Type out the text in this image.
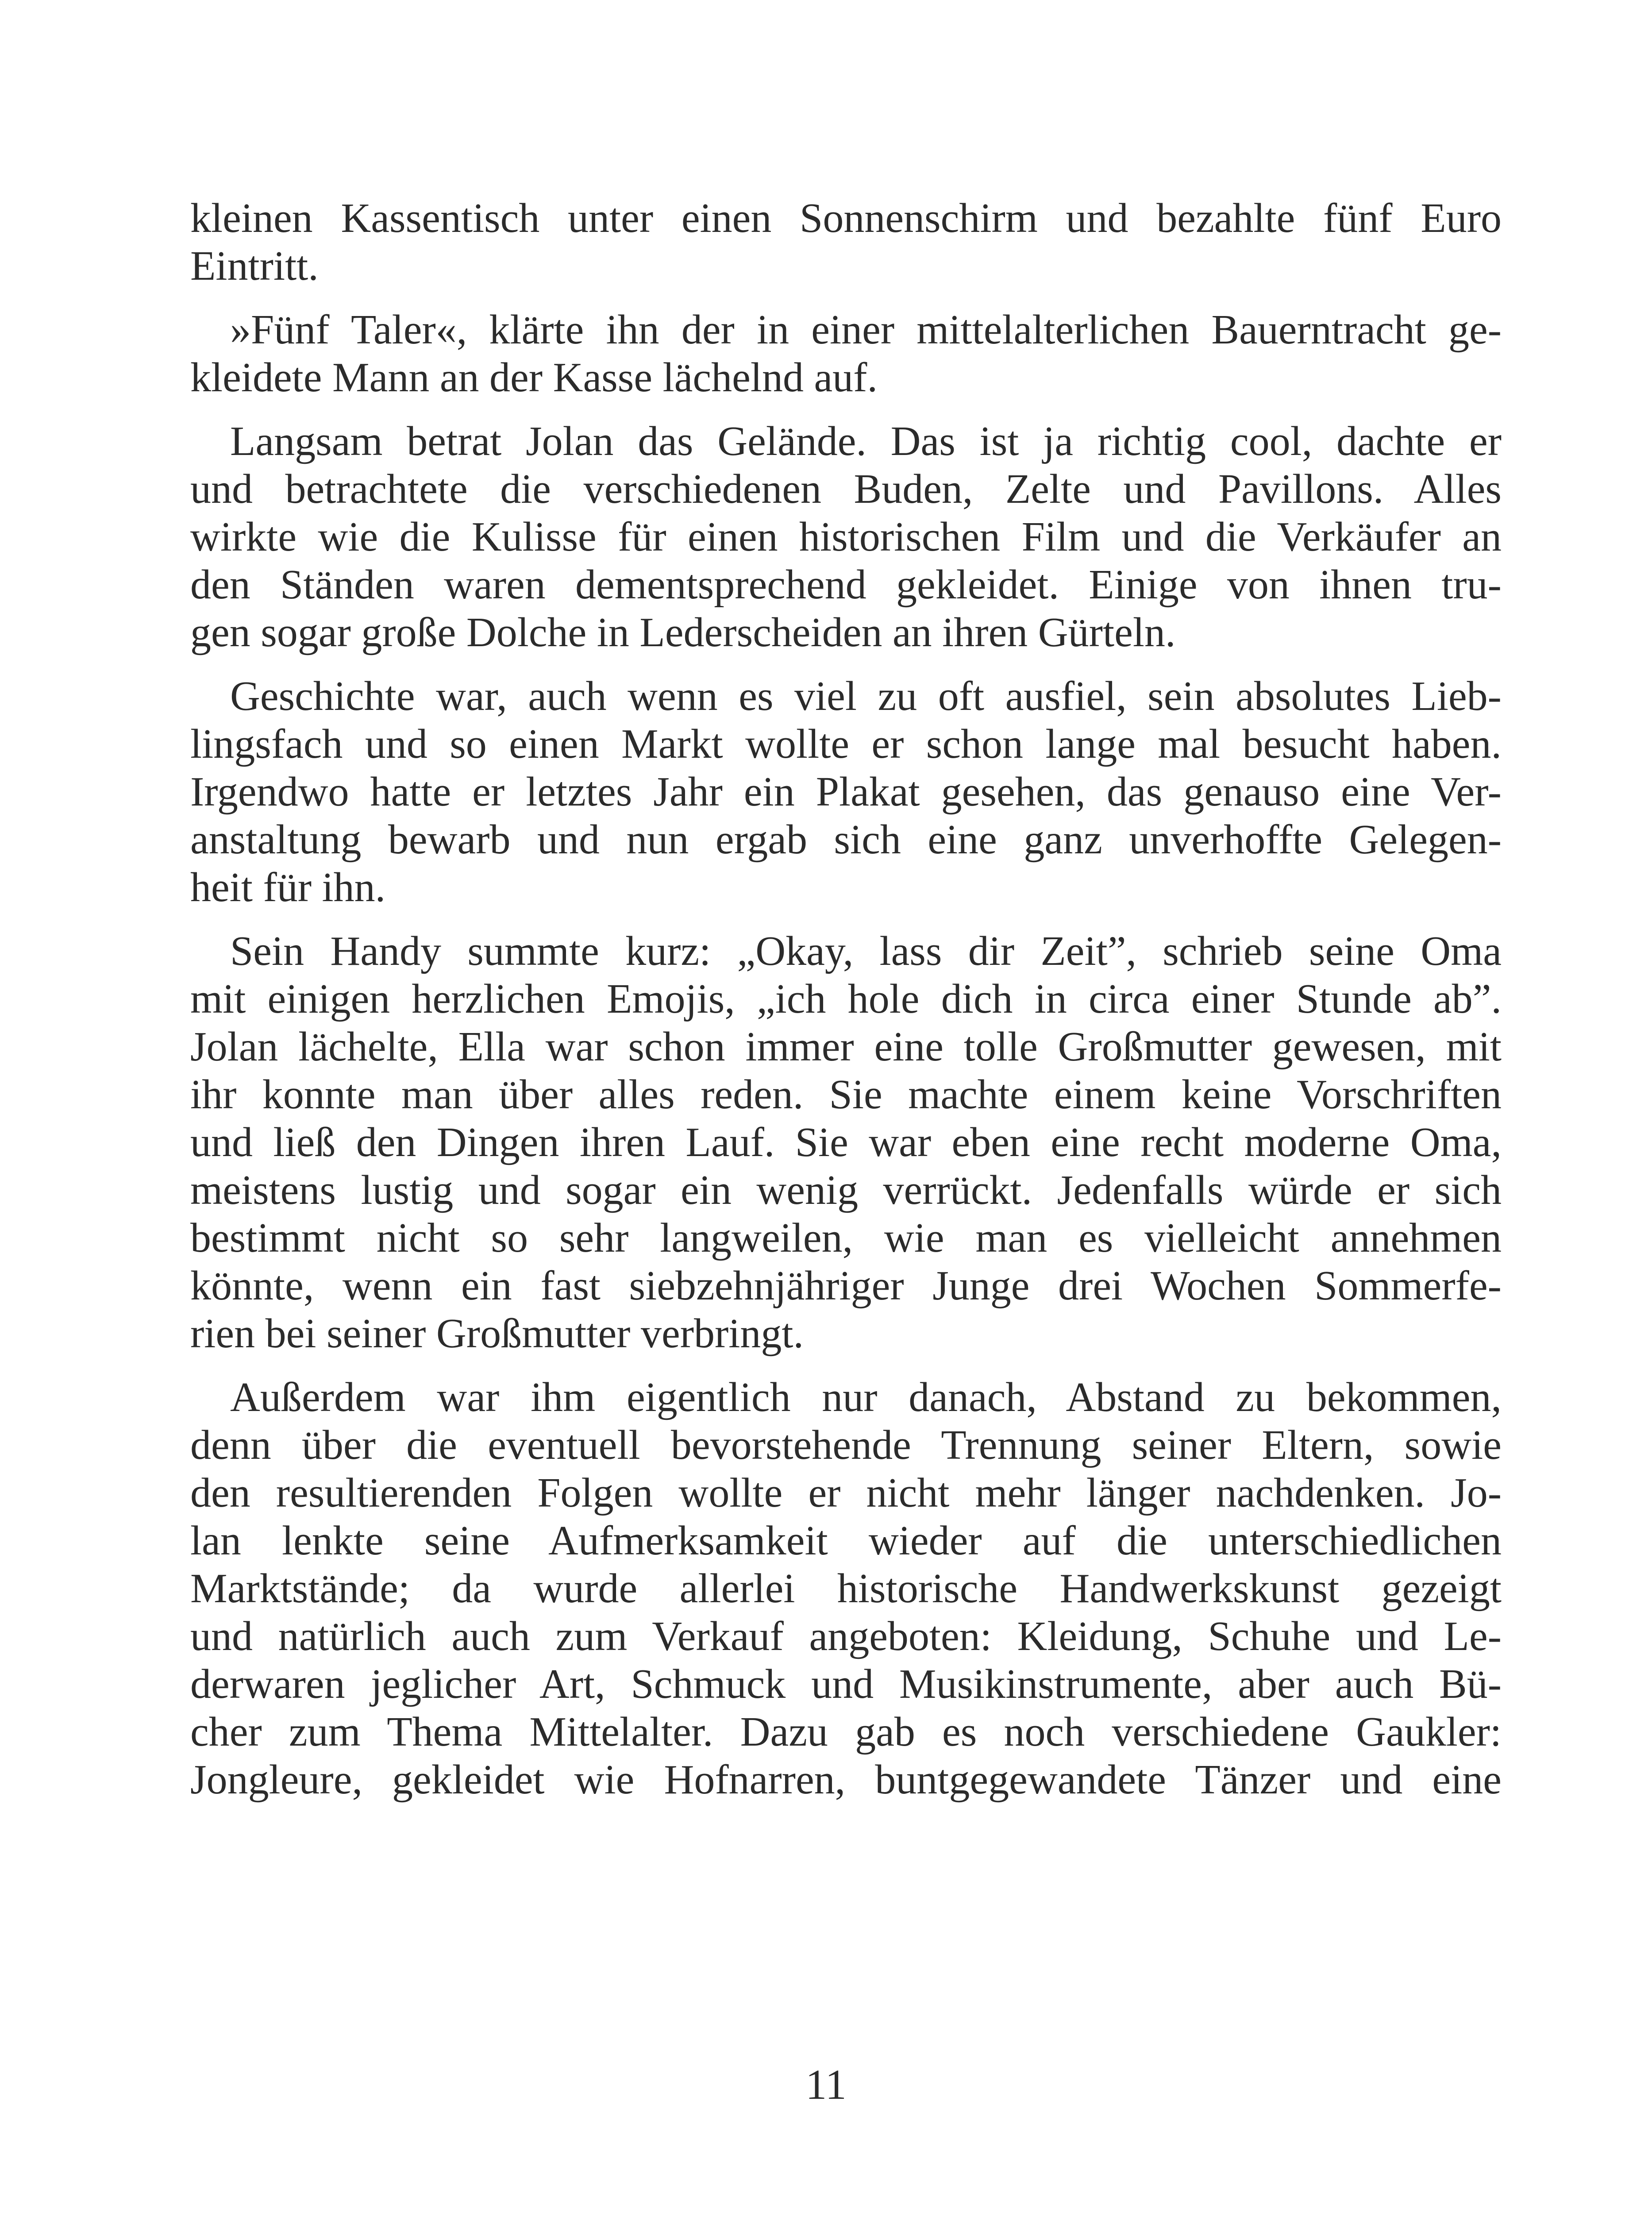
kleinen Kassentisch unter einen Sonnenschirm und bezahlte fünf Euro
Eintritt.
»Fünf Taler«, klärte ihn der in einer mittelalterlichen Bauerntracht ge-
kleidete Mann an der Kasse lächelnd auf.
Langsam betrat Jolan das Gelände. Das ist ja richtig cool, dachte er
und betrachtete die verschiedenen Buden, Zelte und Pavillons. Alles
wirkte wie die Kulisse für einen historischen Film und die Verkäufer an
den Ständen waren dementsprechend gekleidet. Einige von ihnen tru-
gen sogar große Dolche in Lederscheiden an ihren Gürteln.
Geschichte war, auch wenn es viel zu oft ausfiel, sein absolutes Lieb-
lingsfach und so einen Markt wollte er schon lange mal besucht haben.
Irgendwo hatte er letztes Jahr ein Plakat gesehen, das genauso eine Ver-
anstaltung bewarb und nun ergab sich eine ganz unverhoffte Gelegen-
heit für ihn.
Sein Handy summte kurz: „Okay, lass dir Zeit”, schrieb seine Oma
mit einigen herzlichen Emojis, „ich hole dich in circa einer Stunde ab”.
Jolan lächelte, Ella war schon immer eine tolle Großmutter gewesen, mit
ihr konnte man über alles reden. Sie machte einem keine Vorschriften
und ließ den Dingen ihren Lauf. Sie war eben eine recht moderne Oma,
meistens lustig und sogar ein wenig verrückt. Jedenfalls würde er sich
bestimmt nicht so sehr langweilen, wie man es vielleicht annehmen
könnte, wenn ein fast siebzehnjähriger Junge drei Wochen Sommerfe-
rien bei seiner Großmutter verbringt.
Außerdem war ihm eigentlich nur danach, Abstand zu bekommen,
denn über die eventuell bevorstehende Trennung seiner Eltern, sowie
den resultierenden Folgen wollte er nicht mehr länger nachdenken. Jo-
lan lenkte seine Aufmerksamkeit wieder auf die unterschiedlichen
Marktstände; da wurde allerlei historische Handwerkskunst gezeigt
und natürlich auch zum Verkauf angeboten: Kleidung, Schuhe und Le-
derwaren jeglicher Art, Schmuck und Musikinstrumente, aber auch Bü-
cher zum Thema Mittelalter. Dazu gab es noch verschiedene Gaukler:
Jongleure, gekleidet wie Hofnarren, buntgegewandete Tänzer und eine
11
